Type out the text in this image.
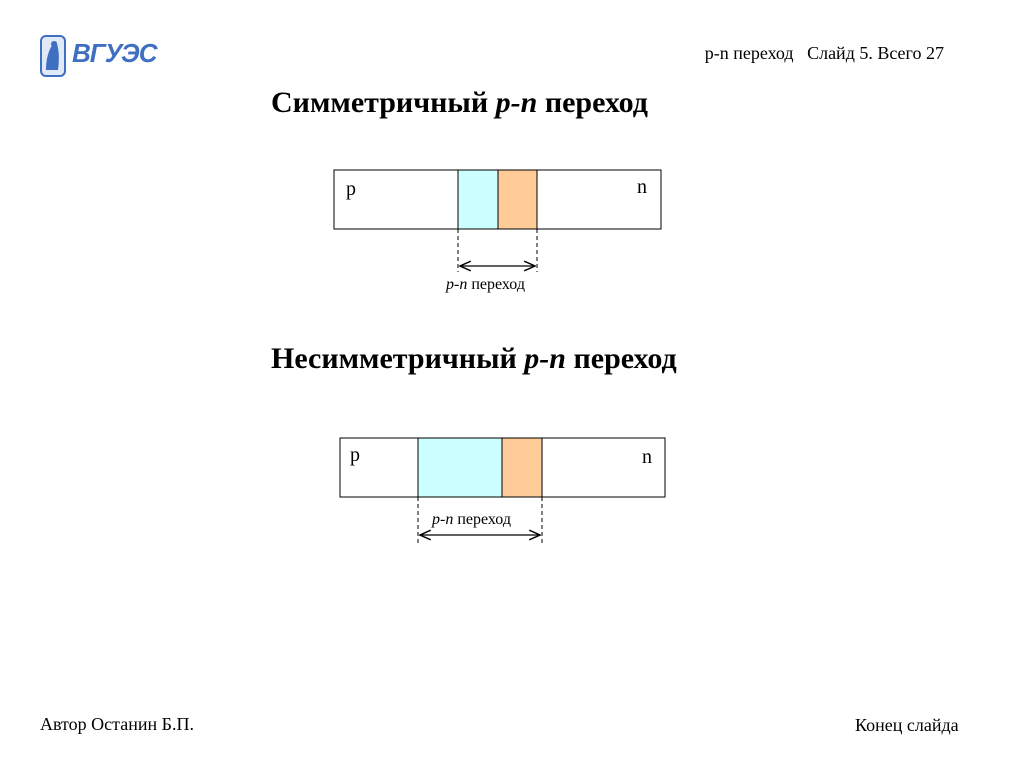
ВГУЭС	p-n переход Слайд 5. Всего 27
Симметричный p-n переход
Несимметричный p-n переход
p	n
p-n переход
p	n
p-n переход
Автор Останин Б.П.	Конец слайда
